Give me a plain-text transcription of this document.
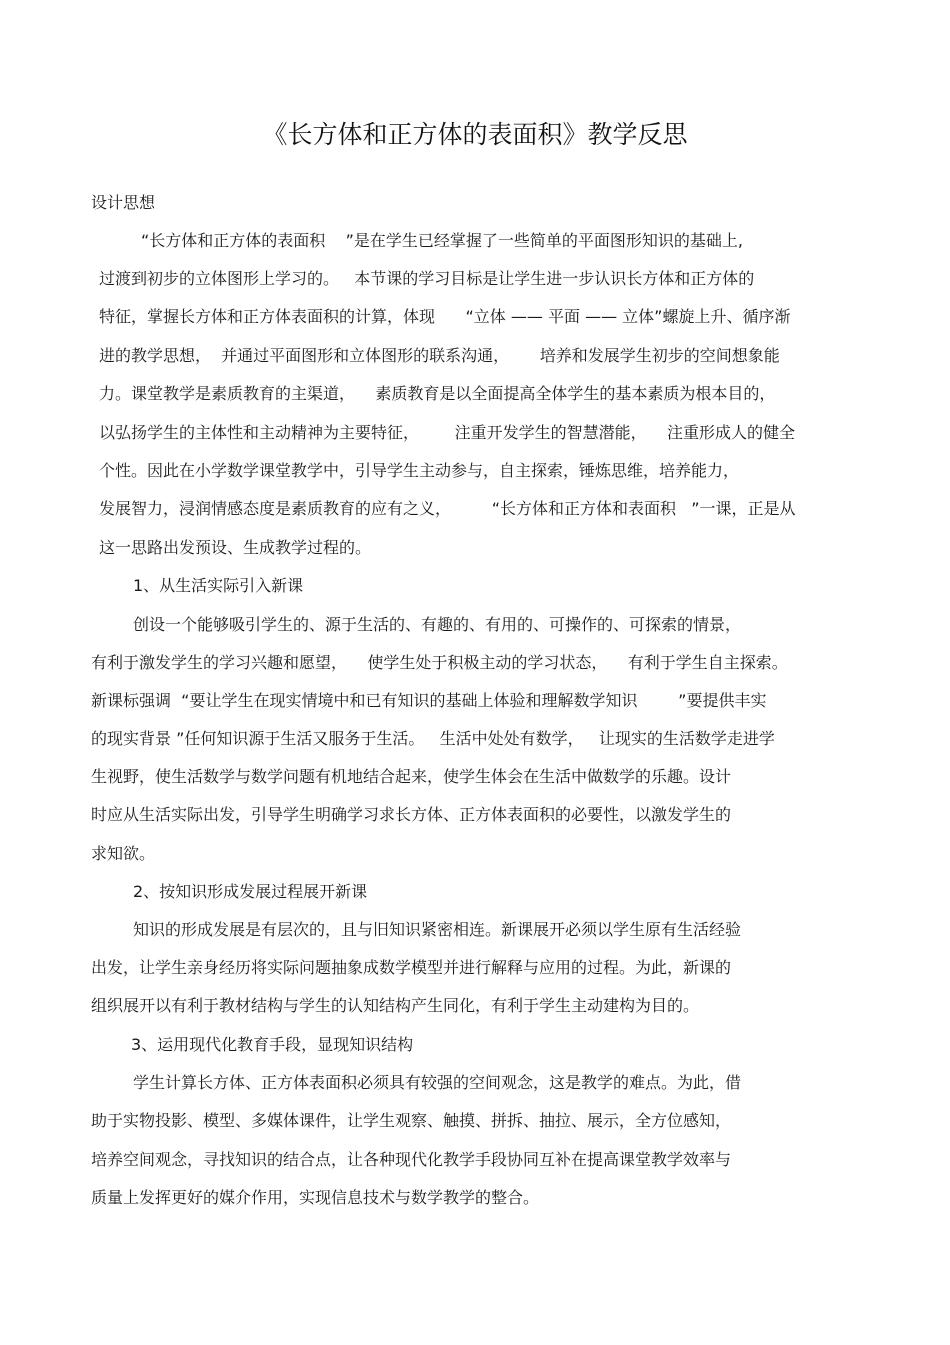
《长方体和正方体的表面积》教学反思
设计思想
“长方体和正方体的表面积    ”是在学生已经掌握了一些简单的平面图形知识的基础上,
过渡到初步的立体图形上学习的。   本节课的学习目标是让学生进一步认识长方体和正方体的
特征，掌握长方体和正方体表面积的计算，体现      “立体 —— 平面 —— 立体”螺旋上升、循序渐
进的教学思想，  并通过平面图形和立体图形的联系沟通，      培养和发展学生初步的空间想象能
力。课堂教学是素质教育的主渠道，    素质教育是以全面提高全体学生的基本素质为根本目的，
以弘扬学生的主体性和主动精神为主要特征，       注重开发学生的智慧潜能，    注重形成人的健全
个性。因此在小学数学课堂教学中，引导学生主动参与，自主探索，锤炼思维，培养能力，
发展智力，浸润情感态度是素质教育的应有之义，        “长方体和正方体和表面积   ”一课，正是从
这一思路出发预设、生成教学过程的。
1、从生活实际引入新课
创设一个能够吸引学生的、源于生活的、有趣的、有用的、可操作的、可探索的情景，
有利于激发学生的学习兴趣和愿望，    使学生处于积极主动的学习状态，    有利于学生自主探索。
新课标强调  “要让学生在现实情境中和已有知识的基础上体验和理解数学知识        ”要提供丰实
的现实背景 ”任何知识源于生活又服务于生活。   生活中处处有数学，   让现实的生活数学走进学
生视野，使生活数学与数学问题有机地结合起来，使学生体会在生活中做数学的乐趣。设计
时应从生活实际出发，引导学生明确学习求长方体、正方体表面积的必要性，以激发学生的
求知欲。
2、按知识形成发展过程展开新课
知识的形成发展是有层次的，且与旧知识紧密相连。新课展开必须以学生原有生活经验
出发，让学生亲身经历将实际问题抽象成数学模型并进行解释与应用的过程。为此，新课的
组织展开以有利于教材结构与学生的认知结构产生同化，有利于学生主动建构为目的。
3、运用现代化教育手段，显现知识结构
学生计算长方体、正方体表面积必须具有较强的空间观念，这是教学的难点。为此，借
助于实物投影、模型、多媒体课件，让学生观察、触摸、拼拆、抽拉、展示，全方位感知，
培养空间观念，寻找知识的结合点，让各种现代化教学手段协同互补在提高课堂教学效率与
质量上发挥更好的媒介作用，实现信息技术与数学教学的整合。
